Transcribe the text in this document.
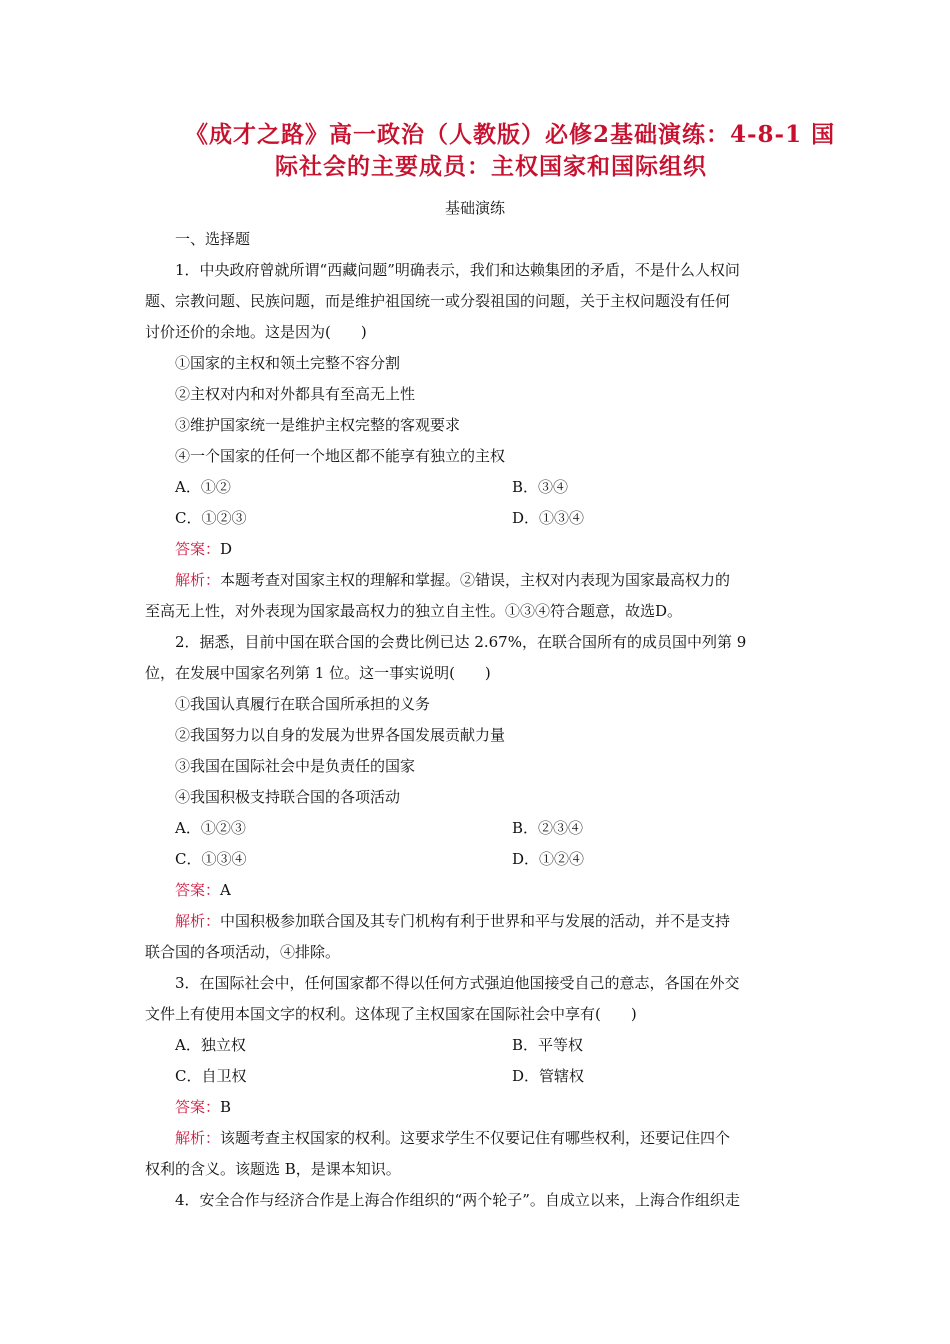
《成才之路》高一政治（人教版）必修2基础演练：4-8-1 国
际社会的主要成员：主权国家和国际组织
基础演练
一、选择题
1．中央政府曾就所谓“西藏问题”明确表示，我们和达赖集团的矛盾，不是什么人权问
题、宗教问题、民族问题，而是维护祖国统一或分裂祖国的问题，关于主权问题没有任何
讨价还价的余地。这是因为(　　)
①国家的主权和领土完整不容分割
②主权对内和对外都具有至高无上性
③维护国家统一是维护主权完整的客观要求
④一个国家的任何一个地区都不能享有独立的主权
A．①②	B．③④
C．①②③	D．①③④
答案：D
解析：本题考查对国家主权的理解和掌握。②错误，主权对内表现为国家最高权力的
至高无上性，对外表现为国家最高权力的独立自主性。①③④符合题意，故选D。
2．据悉，目前中国在联合国的会费比例已达 2.67%，在联合国所有的成员国中列第 9
位，在发展中国家名列第 1 位。这一事实说明(　　)
①我国认真履行在联合国所承担的义务
②我国努力以自身的发展为世界各国发展贡献力量
③我国在国际社会中是负责任的国家
④我国积极支持联合国的各项活动
A．①②③	B．②③④
C．①③④	D．①②④
答案：A
解析：中国积极参加联合国及其专门机构有利于世界和平与发展的活动，并不是支持
联合国的各项活动，④排除。
3．在国际社会中，任何国家都不得以任何方式强迫他国接受自己的意志，各国在外交
文件上有使用本国文字的权利。这体现了主权国家在国际社会中享有(　　)
A．独立权	B．平等权
C．自卫权	D．管辖权
答案：B
解析：该题考查主权国家的权利。这要求学生不仅要记住有哪些权利，还要记住四个
权利的含义。该题选 B，是课本知识。
4．安全合作与经济合作是上海合作组织的“两个轮子”。自成立以来，上海合作组织走
